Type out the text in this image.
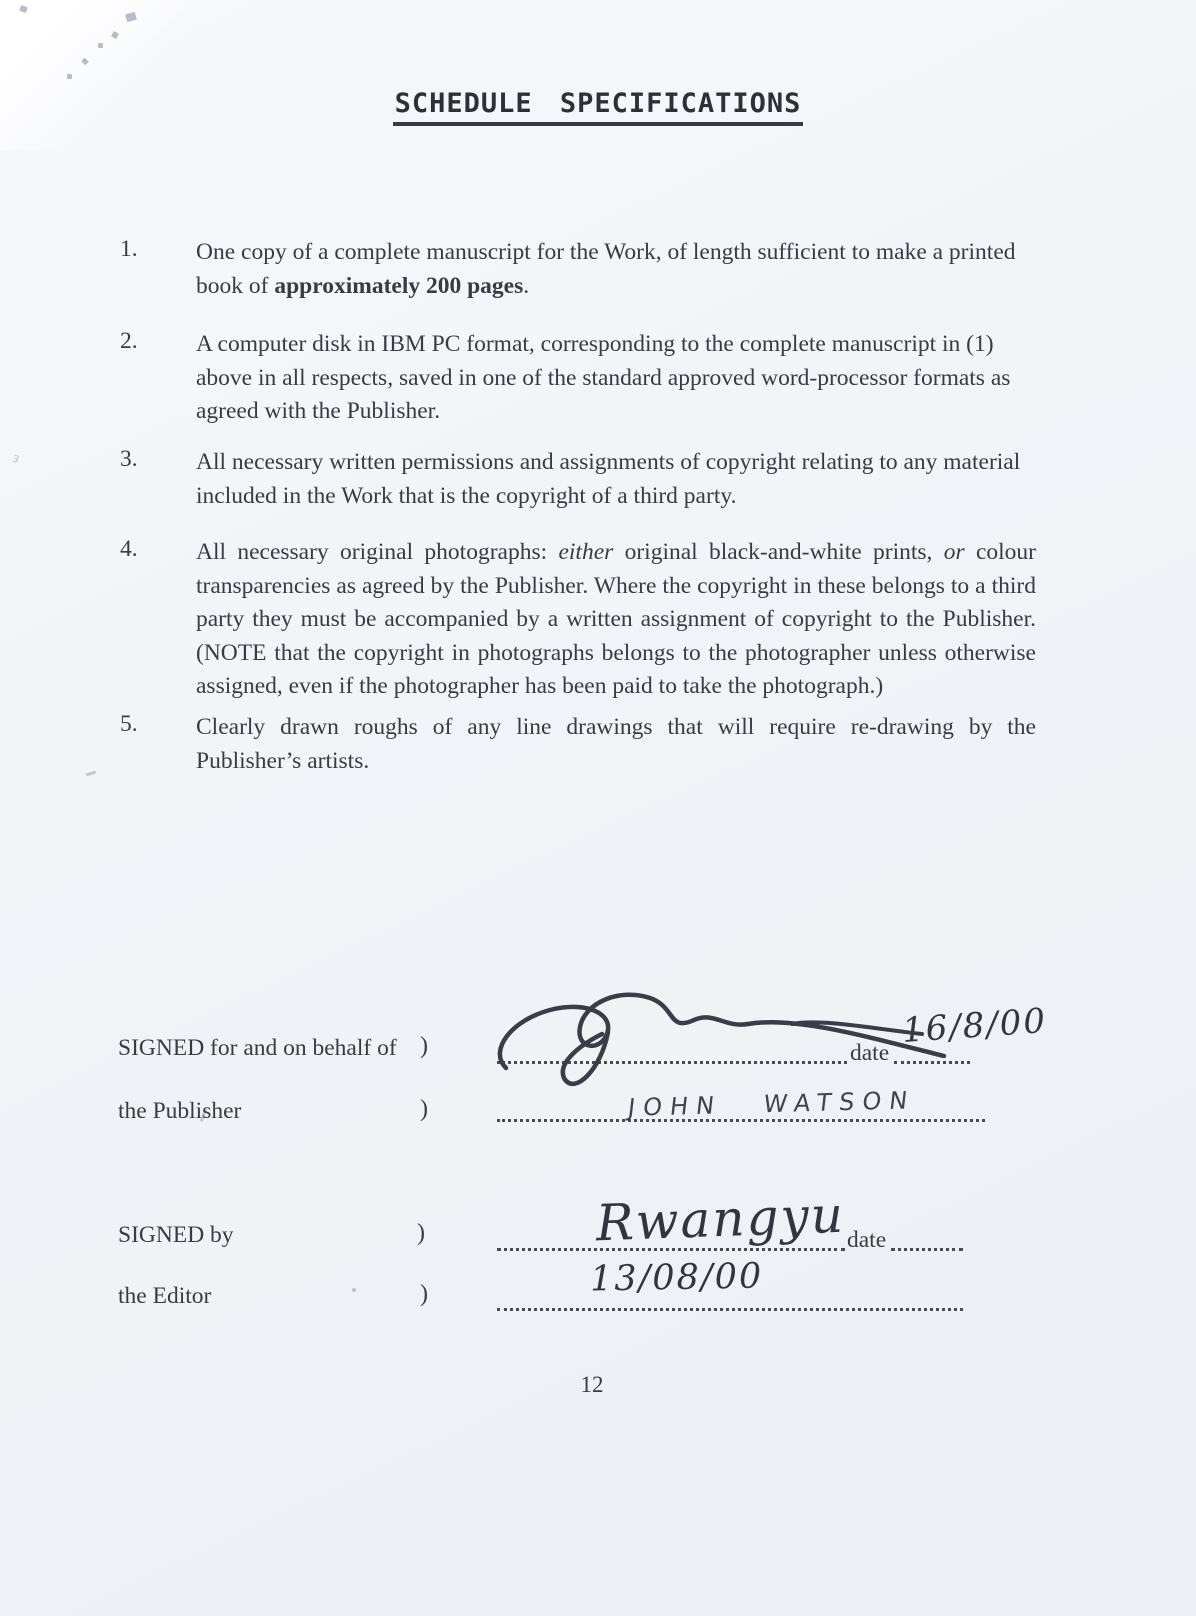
ɜ
SCHEDULE SPECIFICATIONS
1. One copy of a complete manuscript for the Work, of length sufficient to make a printed book of approximately 200 pages.

2. A computer disk in IBM PC format, corresponding to the complete manuscript in (1) above in all respects, saved in one of the standard approved word-processor formats as agreed with the Publisher.

3. All necessary written permissions and assignments of copyright relating to any material included in the Work that is the copyright of a third party.

4. All necessary original photographs: either original black-and-white prints, or colour transparencies as agreed by the Publisher. Where the copyright in these belongs to a third party they must be accompanied by a written assignment of copyright to the Publisher. (NOTE that the copyright in photographs belongs to the photographer unless otherwise assigned, even if the photographer has been paid to take the photograph.)

5. Clearly drawn roughs of any line drawings that will require re-drawing by the Publisher’s artists.

SIGNED for and on behalf of )	date
16/8/00
the Publisher	)	JOHN WATSON
SIGNED by	)	date
Rwangyu
the Editor	)	13/08/00
12
